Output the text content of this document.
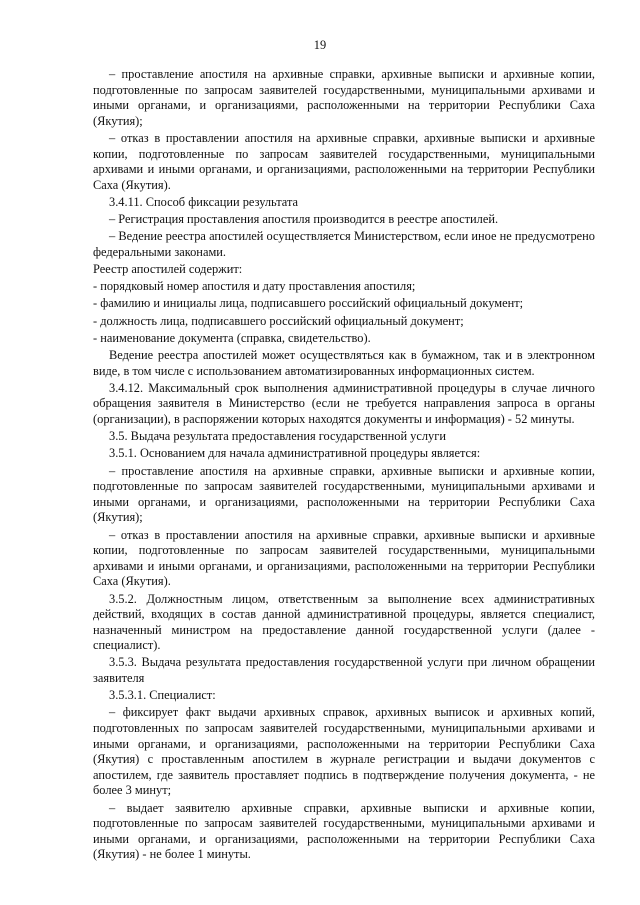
19

– проставление апостиля на архивные справки, архивные выписки и архивные копии, подготовленные по запросам заявителей государственными, муниципальными архивами и иными органами, и организациями, расположенными на территории Республики Саха (Якутия);

– отказ в проставлении апостиля на архивные справки, архивные выписки и архивные копии, подготовленные по запросам заявителей государственными, муниципальными архивами и иными органами, и организациями, расположенными на территории Республики Саха (Якутия).

3.4.11. Способ фиксации результата

– Регистрация проставления апостиля производится в реестре апостилей.

– Ведение реестра апостилей осуществляется Министерством, если иное не предусмотрено федеральными законами.

Реестр апостилей содержит:

- порядковый номер апостиля и дату проставления апостиля;

- фамилию и инициалы лица, подписавшего российский официальный документ;

- должность лица, подписавшего российский официальный документ;

- наименование документа (справка, свидетельство).

Ведение реестра апостилей может осуществляться как в бумажном, так и в электронном виде, в том числе с использованием автоматизированных информационных систем.

3.4.12. Максимальный срок выполнения административной процедуры в случае личного обращения заявителя в Министерство (если не требуется направления запроса в органы (организации), в распоряжении которых находятся документы и информация) - 52 минуты.

3.5. Выдача результата предоставления государственной услуги

3.5.1. Основанием для начала административной процедуры является:

– проставление апостиля на архивные справки, архивные выписки и архивные копии, подготовленные по запросам заявителей государственными, муниципальными архивами и иными органами, и организациями, расположенными на территории Республики Саха (Якутия);

– отказ в проставлении апостиля на архивные справки, архивные выписки и архивные копии, подготовленные по запросам заявителей государственными, муниципальными архивами и иными органами, и организациями, расположенными на территории Республики Саха (Якутия).

3.5.2. Должностным лицом, ответственным за выполнение всех административных действий, входящих в состав данной административной процедуры, является специалист, назначенный министром на предоставление данной государственной услуги (далее - специалист).

3.5.3. Выдача результата предоставления государственной услуги при личном обращении заявителя

3.5.3.1. Специалист:

– фиксирует факт выдачи архивных справок, архивных выписок и архивных копий, подготовленных по запросам заявителей государственными, муниципальными архивами и иными органами, и организациями, расположенными на территории Республики Саха (Якутия) с проставленным апостилем в журнале регистрации и выдачи документов с апостилем, где заявитель проставляет подпись в подтверждение получения документа, - не более 3 минут;

– выдает заявителю архивные справки, архивные выписки и архивные копии, подготовленные по запросам заявителей государственными, муниципальными архивами и иными органами, и организациями, расположенными на территории Республики Саха (Якутия) - не более 1 минуты.
